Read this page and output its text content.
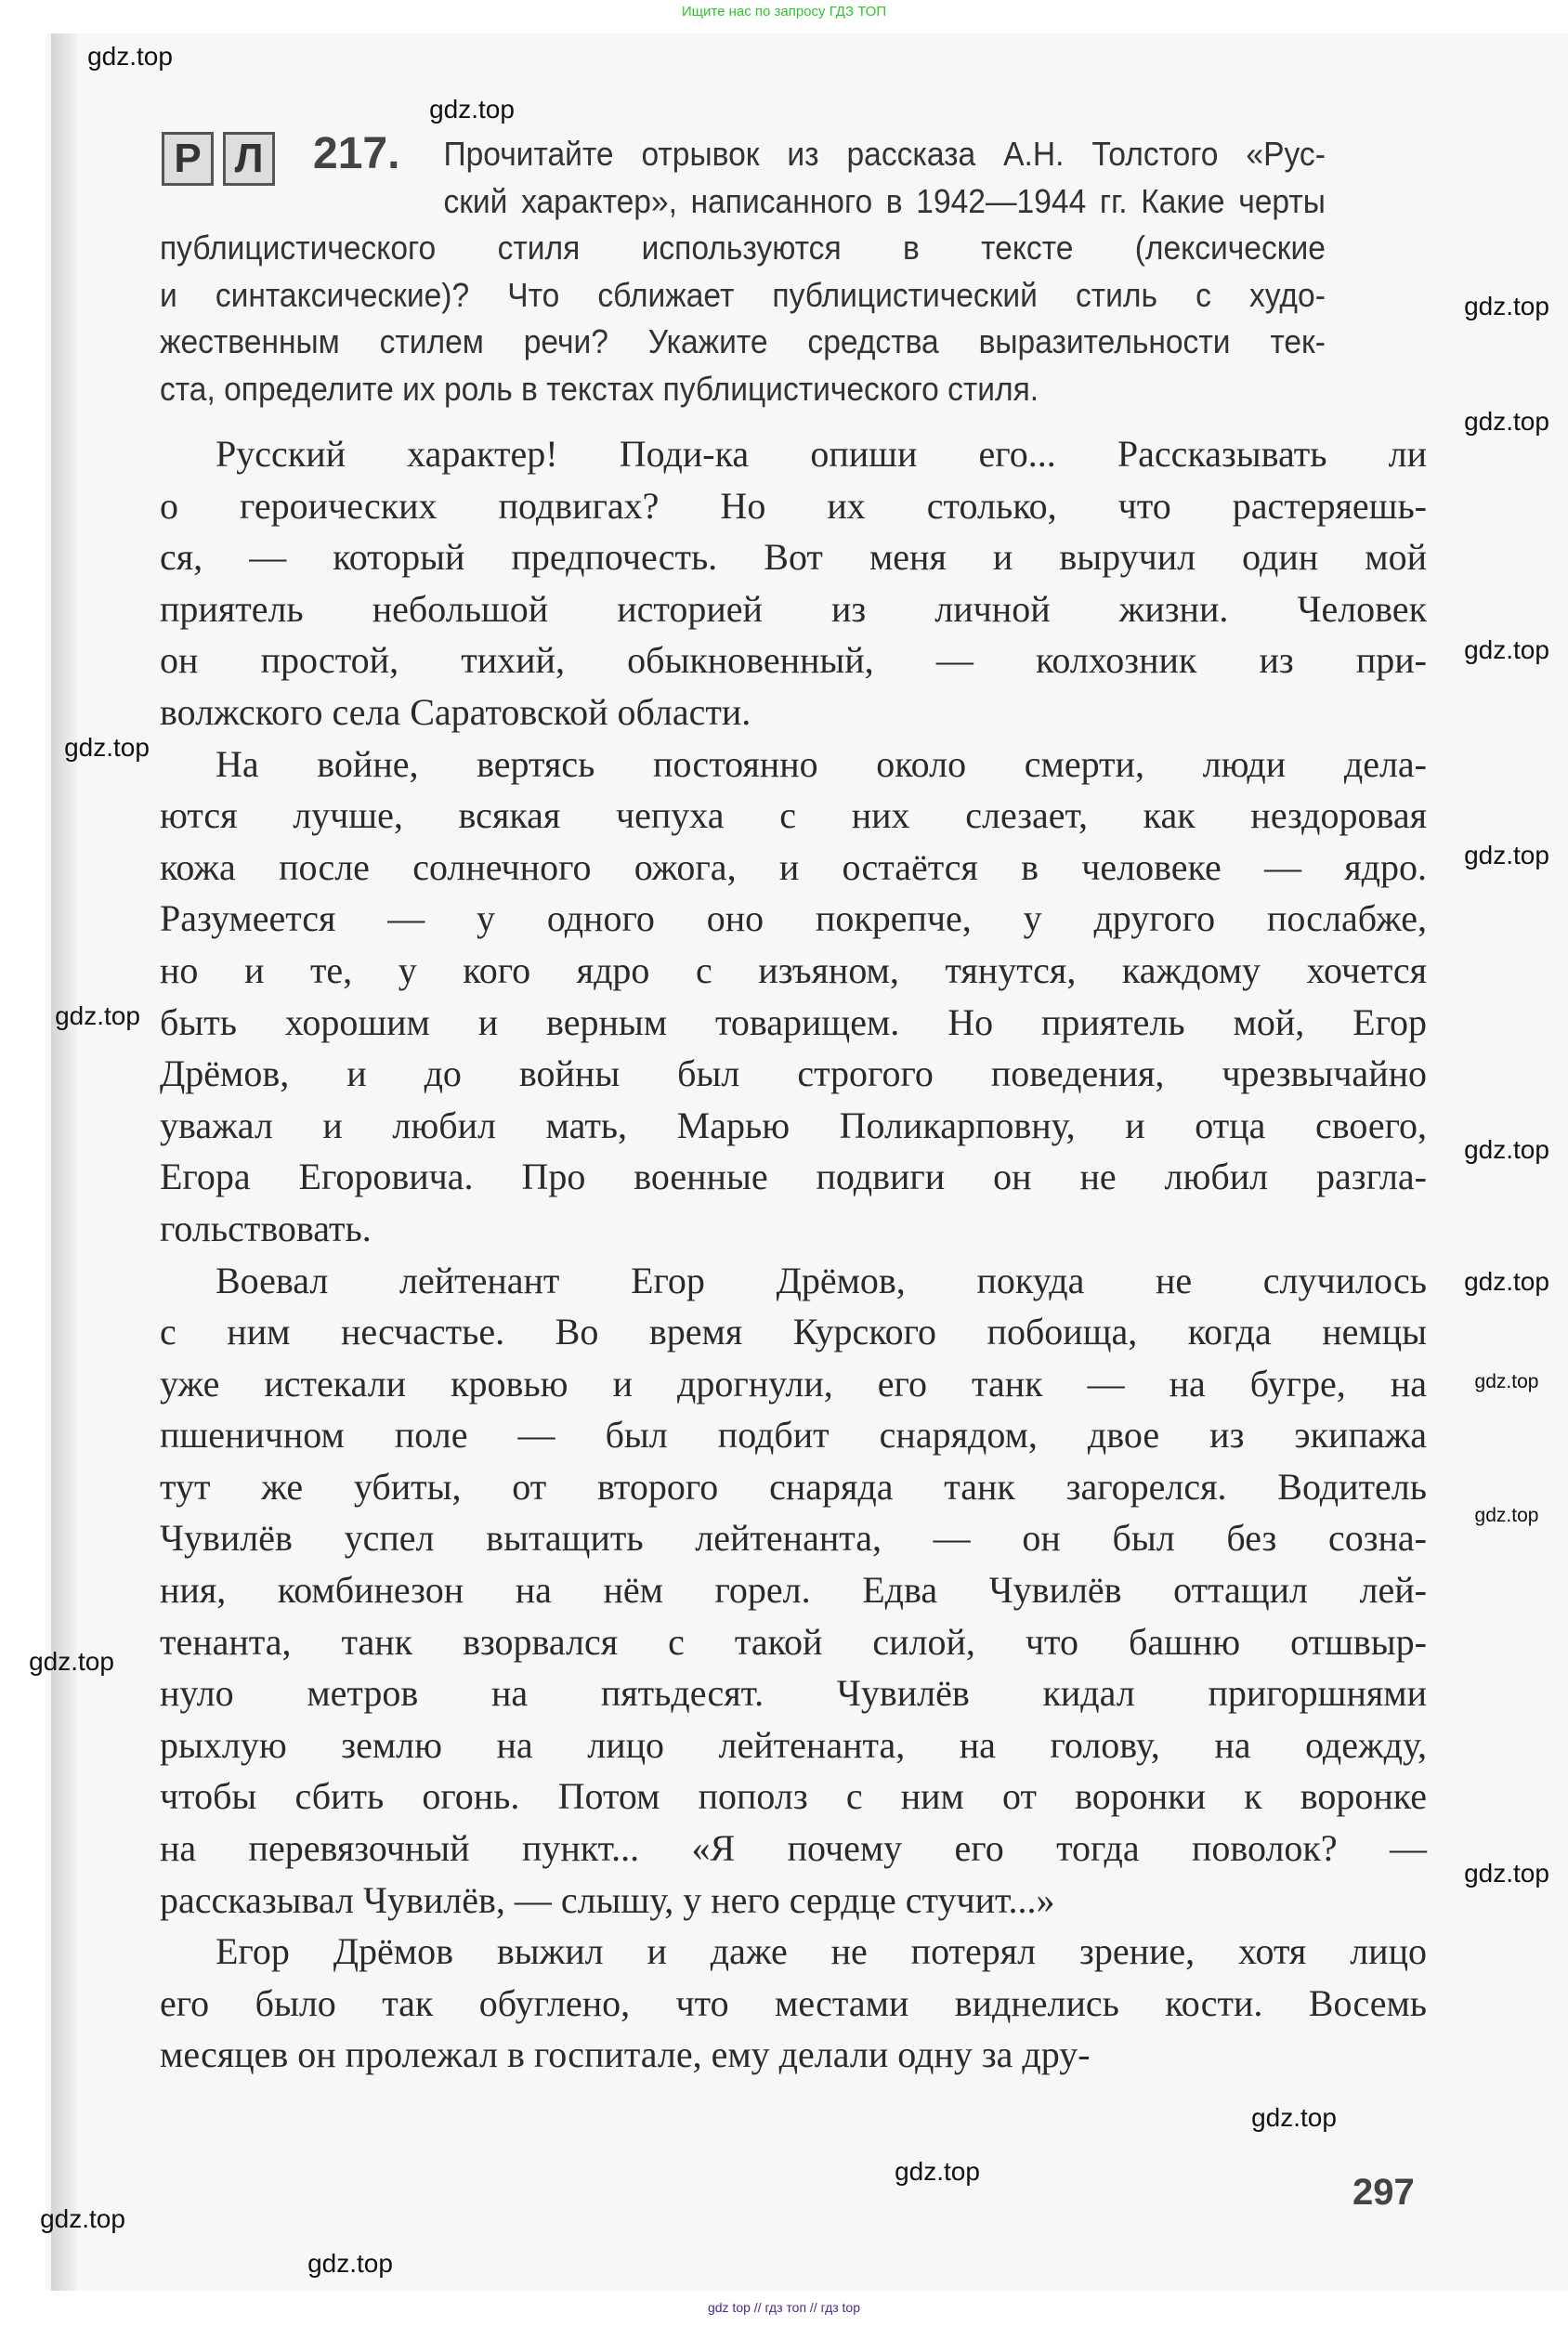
Ищите нас по запросу ГДЗ ТОП
Р Л 217.	Прочитайте отрывок из рассказа А.Н. Толстого «Рус-
ский характер», написанного в 1942—1944 гг. Какие черты
публицистического стиля используются в тексте (лексические
и синтаксические)? Что сближает публицистический стиль с худо-
жественным стилем речи? Укажите средства выразительности тек-
ста, определите их роль в текстах публицистического стиля.
Русский характер! Поди-ка опиши его... Рассказывать ли
о героических подвигах? Но их столько, что растеряешь-
ся, — который предпочесть. Вот меня и выручил один мой
приятель небольшой историей из личной жизни. Человек
он простой, тихий, обыкновенный, — колхозник из при-
волжского села Саратовской области.
На войне, вертясь постоянно около смерти, люди дела-
ются лучше, всякая чепуха с них слезает, как нездоровая
кожа после солнечного ожога, и остаётся в человеке — ядро.
Разумеется — у одного оно покрепче, у другого послабже,
но и те, у кого ядро с изъяном, тянутся, каждому хочется
быть хорошим и верным товарищем. Но приятель мой, Егор
Дрёмов, и до войны был строгого поведения, чрезвычайно
уважал и любил мать, Марью Поликарповну, и отца своего,
Егора Егоровича. Про военные подвиги он не любил разгла-
гольствовать.
Воевал лейтенант Егор Дрёмов, покуда не случилось
с ним несчастье. Во время Курского побоища, когда немцы
уже истекали кровью и дрогнули, его танк — на бугре, на
пшеничном поле — был подбит снарядом, двое из экипажа
тут же убиты, от второго снаряда танк загорелся. Водитель
Чувилёв успел вытащить лейтенанта, — он был без созна-
ния, комбинезон на нём горел. Едва Чувилёв оттащил лей-
тенанта, танк взорвался с такой силой, что башню отшвыр-
нуло метров на пятьдесят. Чувилёв кидал пригоршнями
рыхлую землю на лицо лейтенанта, на голову, на одежду,
чтобы сбить огонь. Потом пополз с ним от воронки к воронке
на перевязочный пункт... «Я почему его тогда поволок? —
рассказывал Чувилёв, — слышу, у него сердце стучит...»
Егор Дрёмов выжил и даже не потерял зрение, хотя лицо
его было так обуглено, что местами виднелись кости. Восемь
месяцев он пролежал в госпитале, ему делали одну за дру-
297
gdz top // гдз топ // гдз top
gdz.top
gdz.top
gdz.top
gdz.top
gdz.top
gdz.top
gdz.top
gdz.top
gdz.top
gdz.top
gdz.top
gdz.top
gdz.top
gdz.top
gdz.top
gdz.top
gdz.top
gdz.top
